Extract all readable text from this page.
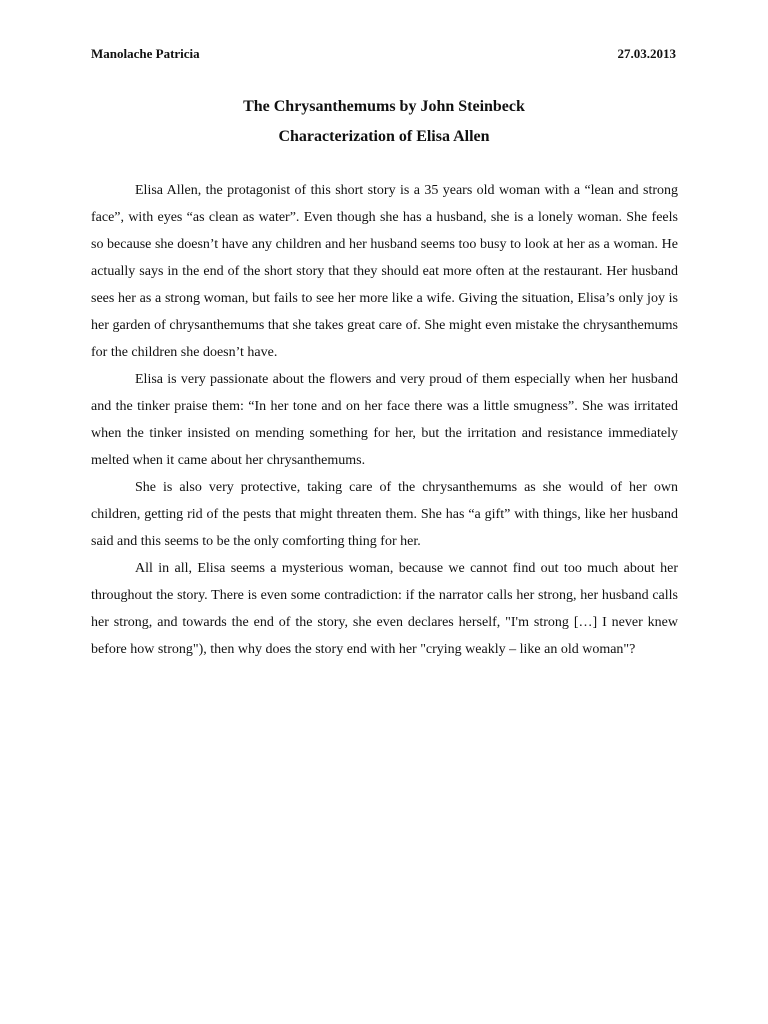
Manolache Patricia	27.03.2013

The Chrysanthemums by John Steinbeck

Characterization of Elisa Allen

Elisa Allen, the protagonist of this short story is a 35 years old woman with a “lean and strong face”, with eyes “as clean as water”. Even though she has a husband, she is a lonely woman. She feels so because she doesn’t have any children and her husband seems too busy to look at her as a woman. He actually says in the end of the short story that they should eat more often at the restaurant. Her husband sees her as a strong woman, but fails to see her more like a wife. Giving the situation, Elisa’s only joy is her garden of chrysanthemums that she takes great care of. She might even mistake the chrysanthemums for the children she doesn’t have.

Elisa is very passionate about the flowers and very proud of them especially when her husband and the tinker praise them: “In her tone and on her face there was a little smugness”. She was irritated when the tinker insisted on mending something for her, but the irritation and resistance immediately melted when it came about her chrysanthemums.

She is also very protective, taking care of the chrysanthemums as she would of her own children, getting rid of the pests that might threaten them. She has “a gift” with things, like her husband said and this seems to be the only comforting thing for her.

All in all, Elisa seems a mysterious woman, because we cannot find out too much about her throughout the story. There is even some contradiction: if the narrator calls her strong, her husband calls her strong, and towards the end of the story, she even declares herself, "I'm strong […] I never knew before how strong"), then why does the story end with her "crying weakly – like an old woman"?
